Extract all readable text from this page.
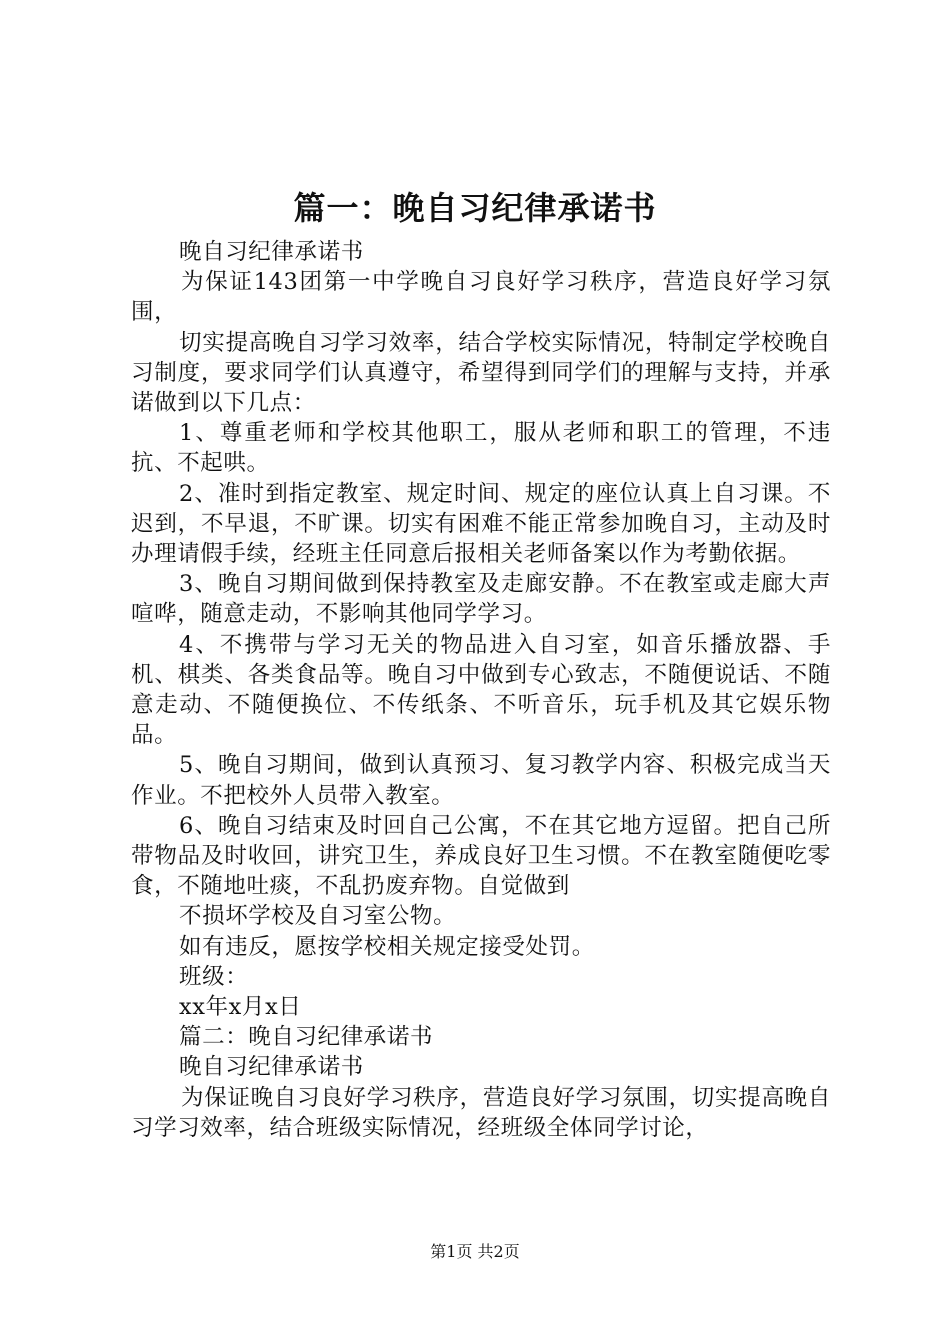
篇一：晚自习纪律承诺书

晚自习纪律承诺书

为保证143团第一中学晚自习良好学习秩序，营造良好学习氛围，

切实提高晚自习学习效率，结合学校实际情况，特制定学校晚自习制度，要求同学们认真遵守，希望得到同学们的理解与支持，并承诺做到以下几点：

1、尊重老师和学校其他职工，服从老师和职工的管理，不违抗、不起哄。

2、准时到指定教室、规定时间、规定的座位认真上自习课。不迟到，不早退，不旷课。切实有困难不能正常参加晚自习，主动及时办理请假手续，经班主任同意后报相关老师备案以作为考勤依据。

3、晚自习期间做到保持教室及走廊安静。不在教室或走廊大声喧哗，随意走动，不影响其他同学学习。

4、不携带与学习无关的物品进入自习室，如音乐播放器、手机、棋类、各类食品等。晚自习中做到专心致志，不随便说话、不随意走动、不随便换位、不传纸条、不听音乐，玩手机及其它娱乐物品。

5、晚自习期间，做到认真预习、复习教学内容、积极完成当天作业。不把校外人员带入教室。

6、晚自习结束及时回自己公寓，不在其它地方逗留。把自己所带物品及时收回，讲究卫生，养成良好卫生习惯。不在教室随便吃零食，不随地吐痰，不乱扔废弃物。自觉做到

不损坏学校及自习室公物。

如有违反，愿按学校相关规定接受处罚。

班级：

xx年x月x日

篇二：晚自习纪律承诺书

晚自习纪律承诺书

为保证晚自习良好学习秩序，营造良好学习氛围，切实提高晚自习学习效率，结合班级实际情况，经班级全体同学讨论，

第1页 共2页
